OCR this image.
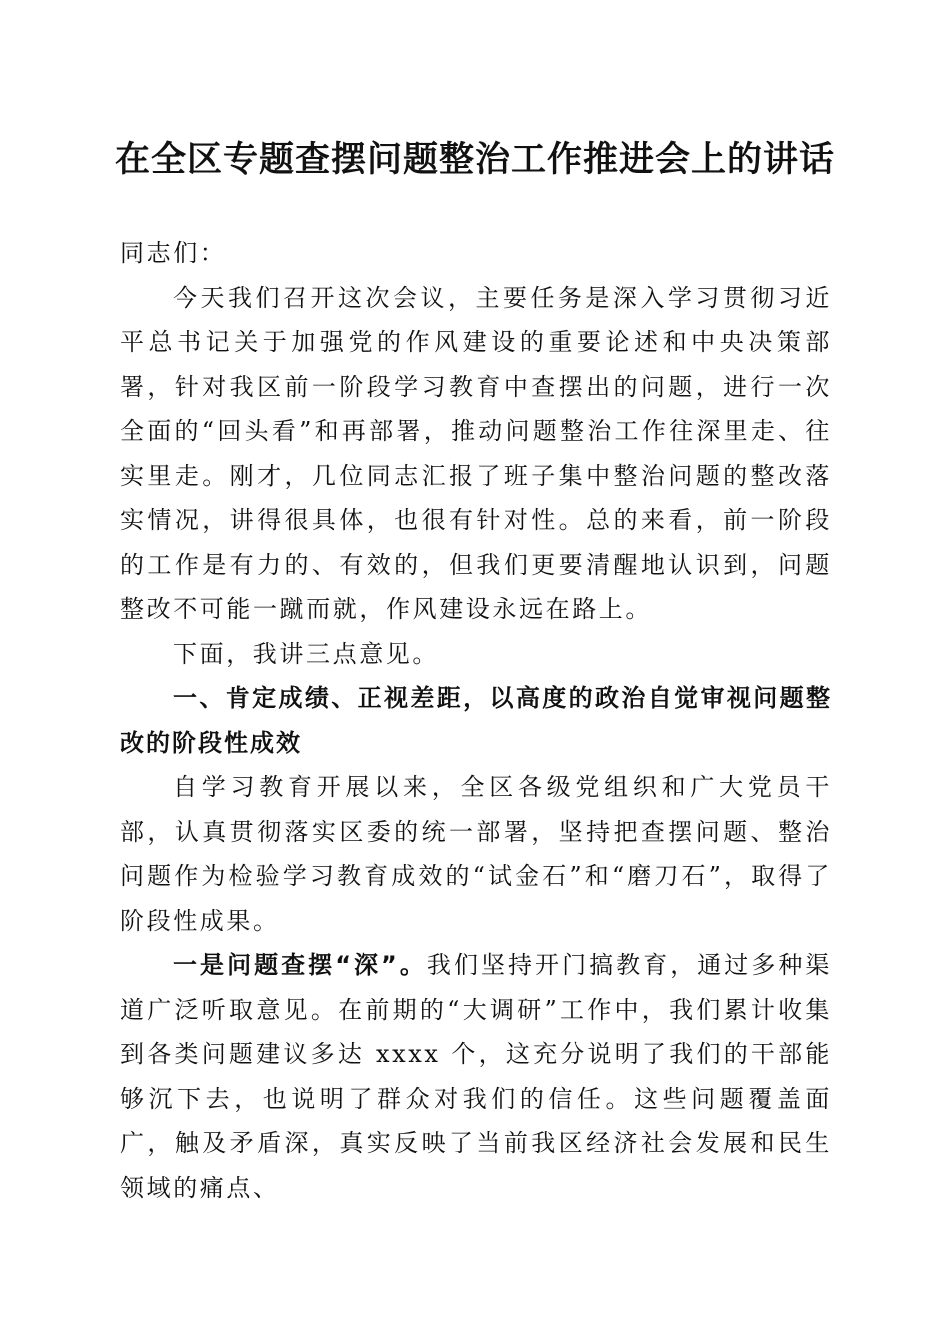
在全区专题查摆问题整治工作推进会上的讲话

同志们：

今天我们召开这次会议，主要任务是深入学习贯彻习近平总书记关于加强党的作风建设的重要论述和中央决策部署，针对我区前一阶段学习教育中查摆出的问题，进行一次全面的“回头看”和再部署，推动问题整治工作往深里走、往实里走。刚才，几位同志汇报了班子集中整治问题的整改落实情况，讲得很具体，也很有针对性。总的来看，前一阶段的工作是有力的、有效的，但我们更要清醒地认识到，问题整改不可能一蹴而就，作风建设永远在路上。

下面，我讲三点意见。

一、肯定成绩、正视差距，以高度的政治自觉审视问题整改的阶段性成效

自学习教育开展以来，全区各级党组织和广大党员干部，认真贯彻落实区委的统一部署，坚持把查摆问题、整治问题作为检验学习教育成效的“试金石”和“磨刀石”，取得了阶段性成果。

一是问题查摆“深”。我们坚持开门搞教育，通过多种渠道广泛听取意见。在前期的“大调研”工作中，我们累计收集到各类问题建议多达 xxxx 个，这充分说明了我们的干部能够沉下去，也说明了群众对我们的信任。这些问题覆盖面广，触及矛盾深，真实反映了当前我区经济社会发展和民生领域的痛点、
